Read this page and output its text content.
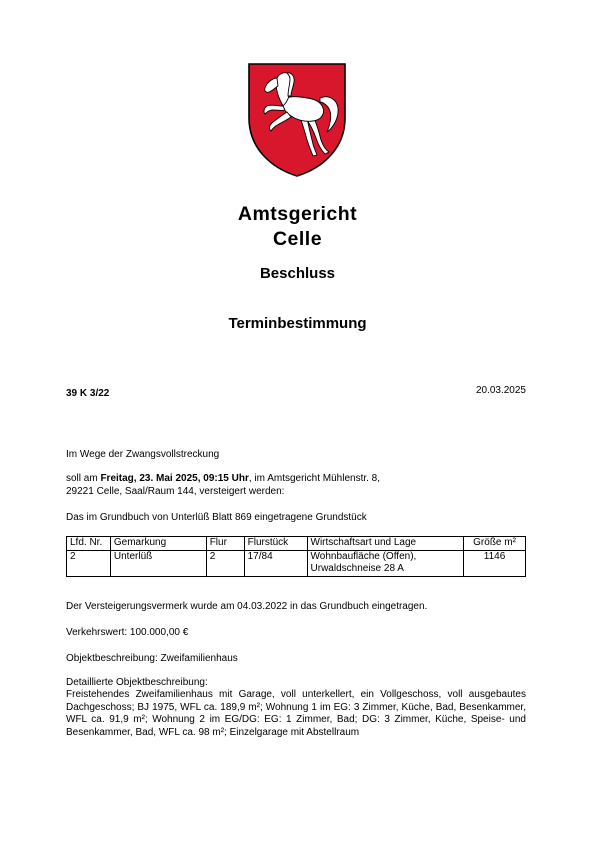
Amtsgericht
Celle
Beschluss
Terminbestimmung
39 K 3/22	20.03.2025
Im Wege der Zwangsvollstreckung
soll am Freitag, 23. Mai 2025, 09:15 Uhr, im Amtsgericht Mühlenstr. 8,
29221 Celle, Saal/Raum 144, versteigert werden:
Das im Grundbuch von Unterlüß Blatt 869 eingetragene Grundstück
Lfd. Nr.	Gemarkung	Flur	Flurstück	Wirtschaftsart und Lage	Größe m²
2	Unterlüß	2	17/84	Wohnbaufläche (Offen), Urwaldschneise 28 A	1146
Der Versteigerungsvermerk wurde am 04.03.2022 in das Grundbuch eingetragen.
Verkehrswert: 100.000,00 €
Objektbeschreibung: Zweifamilienhaus
Detaillierte Objektbeschreibung:
Freistehendes Zweifamilienhaus mit Garage, voll unterkellert, ein Vollgeschoss, voll ausgebautes Dachgeschoss; BJ 1975, WFL ca. 189,9 m²; Wohnung 1 im EG: 3 Zimmer, Küche, Bad, Besenkammer, WFL ca. 91,9 m²; Wohnung 2 im EG/DG: EG: 1 Zimmer, Bad; DG: 3 Zimmer, Küche, Speise- und Besenkammer, Bad, WFL ca. 98 m²; Einzelgarage mit Abstellraum
